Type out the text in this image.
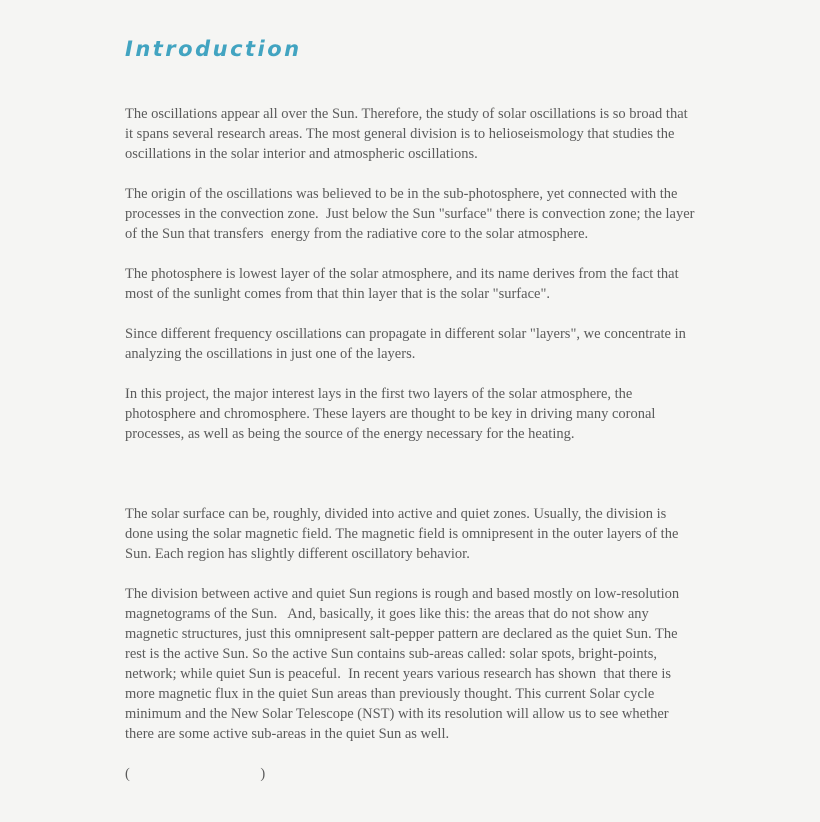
Introduction

The oscillations appear all over the Sun. Therefore, the study of solar oscillations is so broad that it spans several research areas. The most general division is to helioseismology that studies the oscillations in the solar interior and atmospheric oscillations.

The origin of the oscillations was believed to be in the sub-photosphere, yet connected with the processes in the convection zone.  Just below the Sun "surface" there is convection zone; the layer of the Sun that transfers  energy from the radiative core to the solar atmosphere.

The photosphere is lowest layer of the solar atmosphere, and its name derives from the fact that most of the sunlight comes from that thin layer that is the solar "surface".

Since different frequency oscillations can propagate in different solar "layers", we concentrate in analyzing the oscillations in just one of the layers.

In this project, the major interest lays in the first two layers of the solar atmosphere, the photosphere and chromosphere. These layers are thought to be key in driving many coronal processes, as well as being the source of the energy necessary for the heating.

The solar surface can be, roughly, divided into active and quiet zones. Usually, the division is done using the solar magnetic field. The magnetic field is omnipresent in the outer layers of the Sun. Each region has slightly different oscillatory behavior.

The division between active and quiet Sun regions is rough and based mostly on low-resolution magnetograms of the Sun.   And, basically, it goes like this: the areas that do not show any magnetic structures, just this omnipresent salt-pepper pattern are declared as the quiet Sun. The rest is the active Sun. So the active Sun contains sub-areas called: solar spots, bright-points, network; while quiet Sun is peaceful.  In recent years various research has shown  that there is more magnetic flux in the quiet Sun areas than previously thought. This current Solar cycle minimum and the New Solar Telescope (NST) with its resolution will allow us to see whether there are some active sub-areas in the quiet Sun as well.

(                                    )
